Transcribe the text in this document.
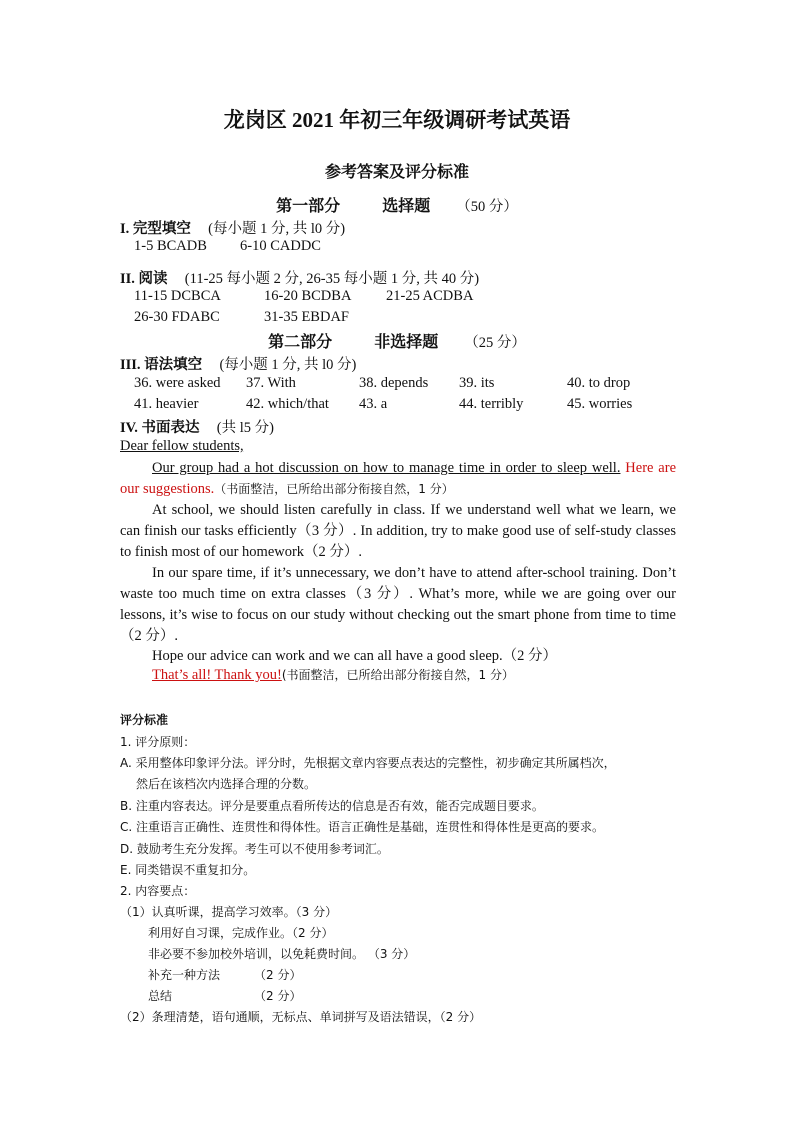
龙岗区 2021 年初三年级调研考试英语
参考答案及评分标准
第一部分	选择题 （50 分）
I. 完型填空 (每小题 1 分, 共 l0 分)
1-5 BCADB 6-10 CADDC
II. 阅读 (11-25 每小题 2 分, 26-35 每小题 1 分, 共 40 分)
11-15 DCBCA	16-20 BCDBA 21-25 ACDBA
26-30 FDABC	31-35 EBDAF
第二部分	非选择题 （25 分）
III. 语法填空 (每小题 1 分, 共 l0 分)
36. were asked 37. With	38. depends 39. its	40. to drop
41. heavier	42. which/that 43. a	44. terribly	45. worries
IV. 书面表达 (共 l5 分)
Dear fellow students,
Our group had a hot discussion on how to manage time in order to sleep well. Here are our suggestions.（书面整洁，已所给出部分衔接自然，1 分）
At school, we should listen carefully in class. If we understand well what we learn, we can finish our tasks efficiently（3 分）. In addition, try to make good use of self-study classes to finish most of our homework（2 分）.
In our spare time, if it’s unnecessary, we don’t have to attend after-school training. Don’t waste too much time on extra classes（3 分）. What’s more, while we are going over our lessons, it’s wise to focus on our study without checking out the smart phone from time to time（2 分）.
Hope our advice can work and we can all have a good sleep.（2 分）
That’s all! Thank you!(书面整洁，已所给出部分衔接自然，1 分）
评分标准
1. 评分原则：
A. 采用整体印象评分法。评分时，先根据文章内容要点表达的完整性，初步确定其所属档次，
然后在该档次内选择合理的分数。
B. 注重内容表达。评分是要重点看所传达的信息是否有效，能否完成题目要求。
C. 注重语言正确性、连贯性和得体性。语言正确性是基础，连贯性和得体性是更高的要求。
D. 鼓励考生充分发挥。考生可以不使用参考词汇。
E. 同类错误不重复扣分。
2. 内容要点：
（1）认真听课，提高学习效率。（3 分）
利用好自习课，完成作业。（2 分）
非必要不参加校外培训，以免耗费时间。 （3 分）
补充一种方法	（2 分）
总结	（2 分）
（2）条理清楚，语句通顺，无标点、单词拼写及语法错误，（2 分）
